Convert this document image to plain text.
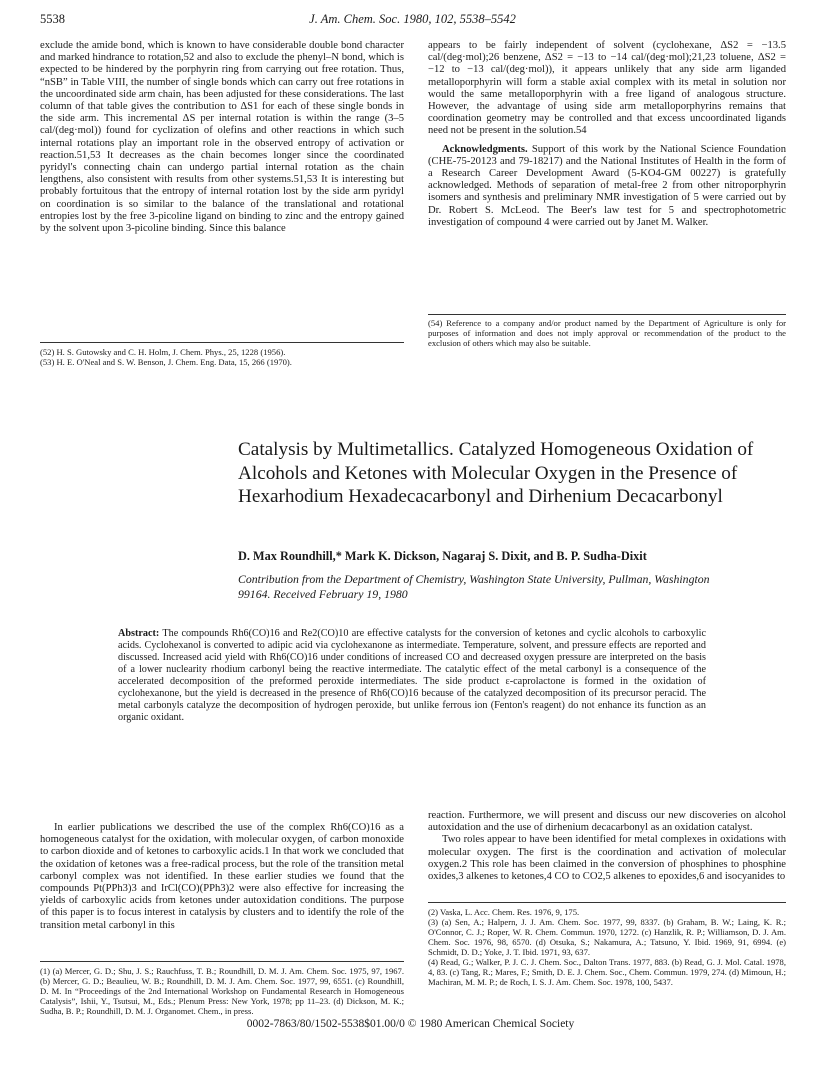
5538	J. Am. Chem. Soc. 1980, 102, 5538–5542

exclude the amide bond, which is known to have considerable double bond character and marked hindrance to rotation,52 and also to exclude the phenyl–N bond, which is expected to be hindered by the porphyrin ring from carrying out free rotation. Thus, “nSB” in Table VIII, the number of single bonds which can carry out free rotations in the uncoordinated side arm chain, has been adjusted for these considerations. The last column of that table gives the contribution to ΔS1 for each of these single bonds in the side arm. This incremental ΔS per internal rotation is within the range (3–5 cal/(deg·mol)) found for cyclization of olefins and other reactions in which such internal rotations play an important role in the observed entropy of activation or reaction.51,53 It decreases as the chain becomes longer since the coordinated pyridyl's connecting chain can undergo partial internal rotation as the chain lengthens, also consistent with results from other systems.51,53 It is interesting but probably fortuitous that the entropy of internal rotation lost by the side arm pyridyl on coordination is so similar to the balance of the translational and rotational entropies lost by the free 3-picoline ligand on binding to zinc and the entropy gained by the solvent upon 3-picoline binding. Since this balance

appears to be fairly independent of solvent (cyclohexane, ΔS2 = −13.5 cal/(deg·mol);26 benzene, ΔS2 = −13 to −14 cal/(deg·mol);21,23 toluene, ΔS2 = −12 to −13 cal/(deg·mol)), it appears unlikely that any side arm liganded metalloporphyrin will form a stable axial complex with its metal in solution nor would the same metalloporphyrin with a free ligand of analogous structure. However, the advantage of using side arm metalloporphyrins remains that coordination geometry may be controlled and that excess uncoordinated ligands need not be present in the solution.54

Acknowledgments. Support of this work by the National Science Foundation (CHE-75-20123 and 79-18217) and the National Institutes of Health in the form of a Research Career Development Award (5-KO4-GM 00227) is gratefully acknowledged. Methods of separation of metal-free 2 from other nitroporphyrin isomers and synthesis and preliminary NMR investigation of 5 were carried out by Dr. Robert S. McLeod. The Beer's law test for 5 and spectrophotometric investigation of compound 4 were carried out by Janet M. Walker.

(52) H. S. Gutowsky and C. H. Holm, J. Chem. Phys., 25, 1228 (1956).

(53) H. E. O'Neal and S. W. Benson, J. Chem. Eng. Data, 15, 266 (1970).

(54) Reference to a company and/or product named by the Department of Agriculture is only for purposes of information and does not imply approval or recommendation of the product to the exclusion of others which may also be suitable.

Catalysis by Multimetallics. Catalyzed Homogeneous Oxidation of Alcohols and Ketones with Molecular Oxygen in the Presence of Hexarhodium Hexadecacarbonyl and Dirhenium Decacarbonyl
D. Max Roundhill,* Mark K. Dickson, Nagaraj S. Dixit, and B. P. Sudha-Dixit
Contribution from the Department of Chemistry, Washington State University, Pullman, Washington 99164. Received February 19, 1980
Abstract: The compounds Rh6(CO)16 and Re2(CO)10 are effective catalysts for the conversion of ketones and cyclic alcohols to carboxylic acids. Cyclohexanol is converted to adipic acid via cyclohexanone as intermediate. Temperature, solvent, and pressure effects are reported and discussed. Increased acid yield with Rh6(CO)16 under conditions of increased CO and decreased oxygen pressure are interpreted on the basis of a lower nuclearity rhodium carbonyl being the reactive intermediate. The catalytic effect of the metal carbonyl is a consequence of the accelerated decomposition of the preformed peroxide intermediates. The side product ε-caprolactone is formed in the oxidation of cyclohexanone, but the yield is decreased in the presence of Rh6(CO)16 because of the catalyzed decomposition of its precursor peracid. The metal carbonyls catalyze the decomposition of hydrogen peroxide, but unlike ferrous ion (Fenton's reagent) do not enhance its function as an organic oxidant.

In earlier publications we described the use of the complex Rh6(CO)16 as a homogeneous catalyst for the oxidation, with molecular oxygen, of carbon monoxide to carbon dioxide and of ketones to carboxylic acids.1 In that work we concluded that the oxidation of ketones was a free-radical process, but the role of the transition metal carbonyl complex was not identified. In these earlier studies we found that the compounds Pt(PPh3)3 and IrCl(CO)(PPh3)2 were also effective for increasing the yields of carboxylic acids from ketones under autoxidation conditions. The purpose of this paper is to focus interest in catalysis by clusters and to identify the role of the transition metal carbonyl in this

reaction. Furthermore, we will present and discuss our new discoveries on alcohol autoxidation and the use of dirhenium decacarbonyl as an oxidation catalyst.

Two roles appear to have been identified for metal complexes in oxidations with molecular oxygen. The first is the coordination and activation of molecular oxygen.2 This role has been claimed in the conversion of phosphines to phosphine oxides,3 alkenes to ketones,4 CO to CO2,5 alkenes to epoxides,6 and isocyanides to

(1) (a) Mercer, G. D.; Shu, J. S.; Rauchfuss, T. B.; Roundhill, D. M. J. Am. Chem. Soc. 1975, 97, 1967. (b) Mercer, G. D.; Beaulieu, W. B.; Roundhill, D. M. J. Am. Chem. Soc. 1977, 99, 6551. (c) Roundhill, D. M. In “Proceedings of the 2nd International Workshop on Fundamental Research in Homogeneous Catalysis”, Ishii, Y., Tsutsui, M., Eds.; Plenum Press: New York, 1978; pp 11–23. (d) Dickson, M. K.; Sudha, B. P.; Roundhill, D. M. J. Organomet. Chem., in press.

(2) Vaska, L. Acc. Chem. Res. 1976, 9, 175.

(3) (a) Sen, A.; Halpern, J. J. Am. Chem. Soc. 1977, 99, 8337. (b) Graham, B. W.; Laing, K. R.; O'Connor, C. J.; Roper, W. R. Chem. Commun. 1970, 1272. (c) Hanzlik, R. P.; Williamson, D. J. Am. Chem. Soc. 1976, 98, 6570. (d) Otsuka, S.; Nakamura, A.; Tatsuno, Y. Ibid. 1969, 91, 6994. (e) Schmidt, D. D.; Yoke, J. T. Ibid. 1971, 93, 637.

(4) Read, G.; Walker, P. J. C. J. Chem. Soc., Dalton Trans. 1977, 883. (b) Read, G. J. Mol. Catal. 1978, 4, 83. (c) Tang, R.; Mares, F.; Smith, D. E. J. Chem. Soc., Chem. Commun. 1979, 274. (d) Mimoun, H.; Machiran, M. M. P.; de Roch, I. S. J. Am. Chem. Soc. 1978, 100, 5437.

0002-7863/80/1502-5538$01.00/0 © 1980 American Chemical Society
